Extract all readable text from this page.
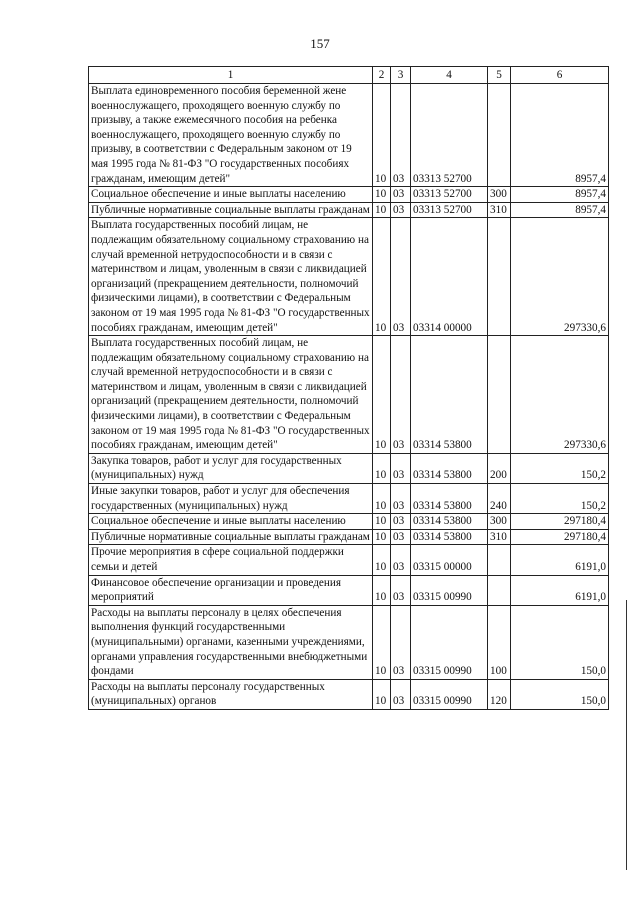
157
1	2	3	4	5	6
Выплата единовременного пособия беременной жене военнослужащего, проходящего военную службу по призыву, а также ежемесячного пособия на ребенка военнослужащего, проходящего военную службу по призыву, в соответствии с Федеральным законом от 19 мая 1995 года № 81-ФЗ "О государственных пособиях гражданам, имеющим детей"	10	03	03313 52700		8957,4
Социальное обеспечение и иные выплаты населению	10	03	03313 52700	300	8957,4
Публичные нормативные социальные выплаты гражданам	10	03	03313 52700	310	8957,4
Выплата государственных пособий лицам, не подлежащим обязательному социальному страхованию на случай временной нетрудоспособности и в связи с материнством и лицам, уволенным в связи с ликвидацией организаций (прекращением деятельности, полномочий физическими лицами), в соответствии с Федеральным законом от 19 мая 1995 года № 81-ФЗ "О государственных пособиях гражданам, имеющим детей"	10	03	03314 00000		297330,6
Выплата государственных пособий лицам, не подлежащим обязательному социальному страхованию на случай временной нетрудоспособности и в связи с материнством и лицам, уволенным в связи с ликвидацией организаций (прекращением деятельности, полномочий физическими лицами), в соответствии с Федеральным законом от 19 мая 1995 года № 81-ФЗ "О государственных пособиях гражданам, имеющим детей"	10	03	03314 53800		297330,6
Закупка товаров, работ и услуг для государственных (муниципальных) нужд	10	03	03314 53800	200	150,2
Иные закупки товаров, работ и услуг для обеспечения государственных (муниципальных) нужд	10	03	03314 53800	240	150,2
Социальное обеспечение и иные выплаты населению	10	03	03314 53800	300	297180,4
Публичные нормативные социальные выплаты гражданам	10	03	03314 53800	310	297180,4
Прочие мероприятия в сфере социальной поддержки семьи и детей	10	03	03315 00000		6191,0
Финансовое обеспечение организации и проведения мероприятий	10	03	03315 00990		6191,0
Расходы на выплаты персоналу в целях обеспечения выполнения функций государственными (муниципальными) органами, казенными учреждениями, органами управления государственными внебюджетными фондами	10	03	03315 00990	100	150,0
Расходы на выплаты персоналу государственных (муниципальных) органов	10	03	03315 00990	120	150,0
